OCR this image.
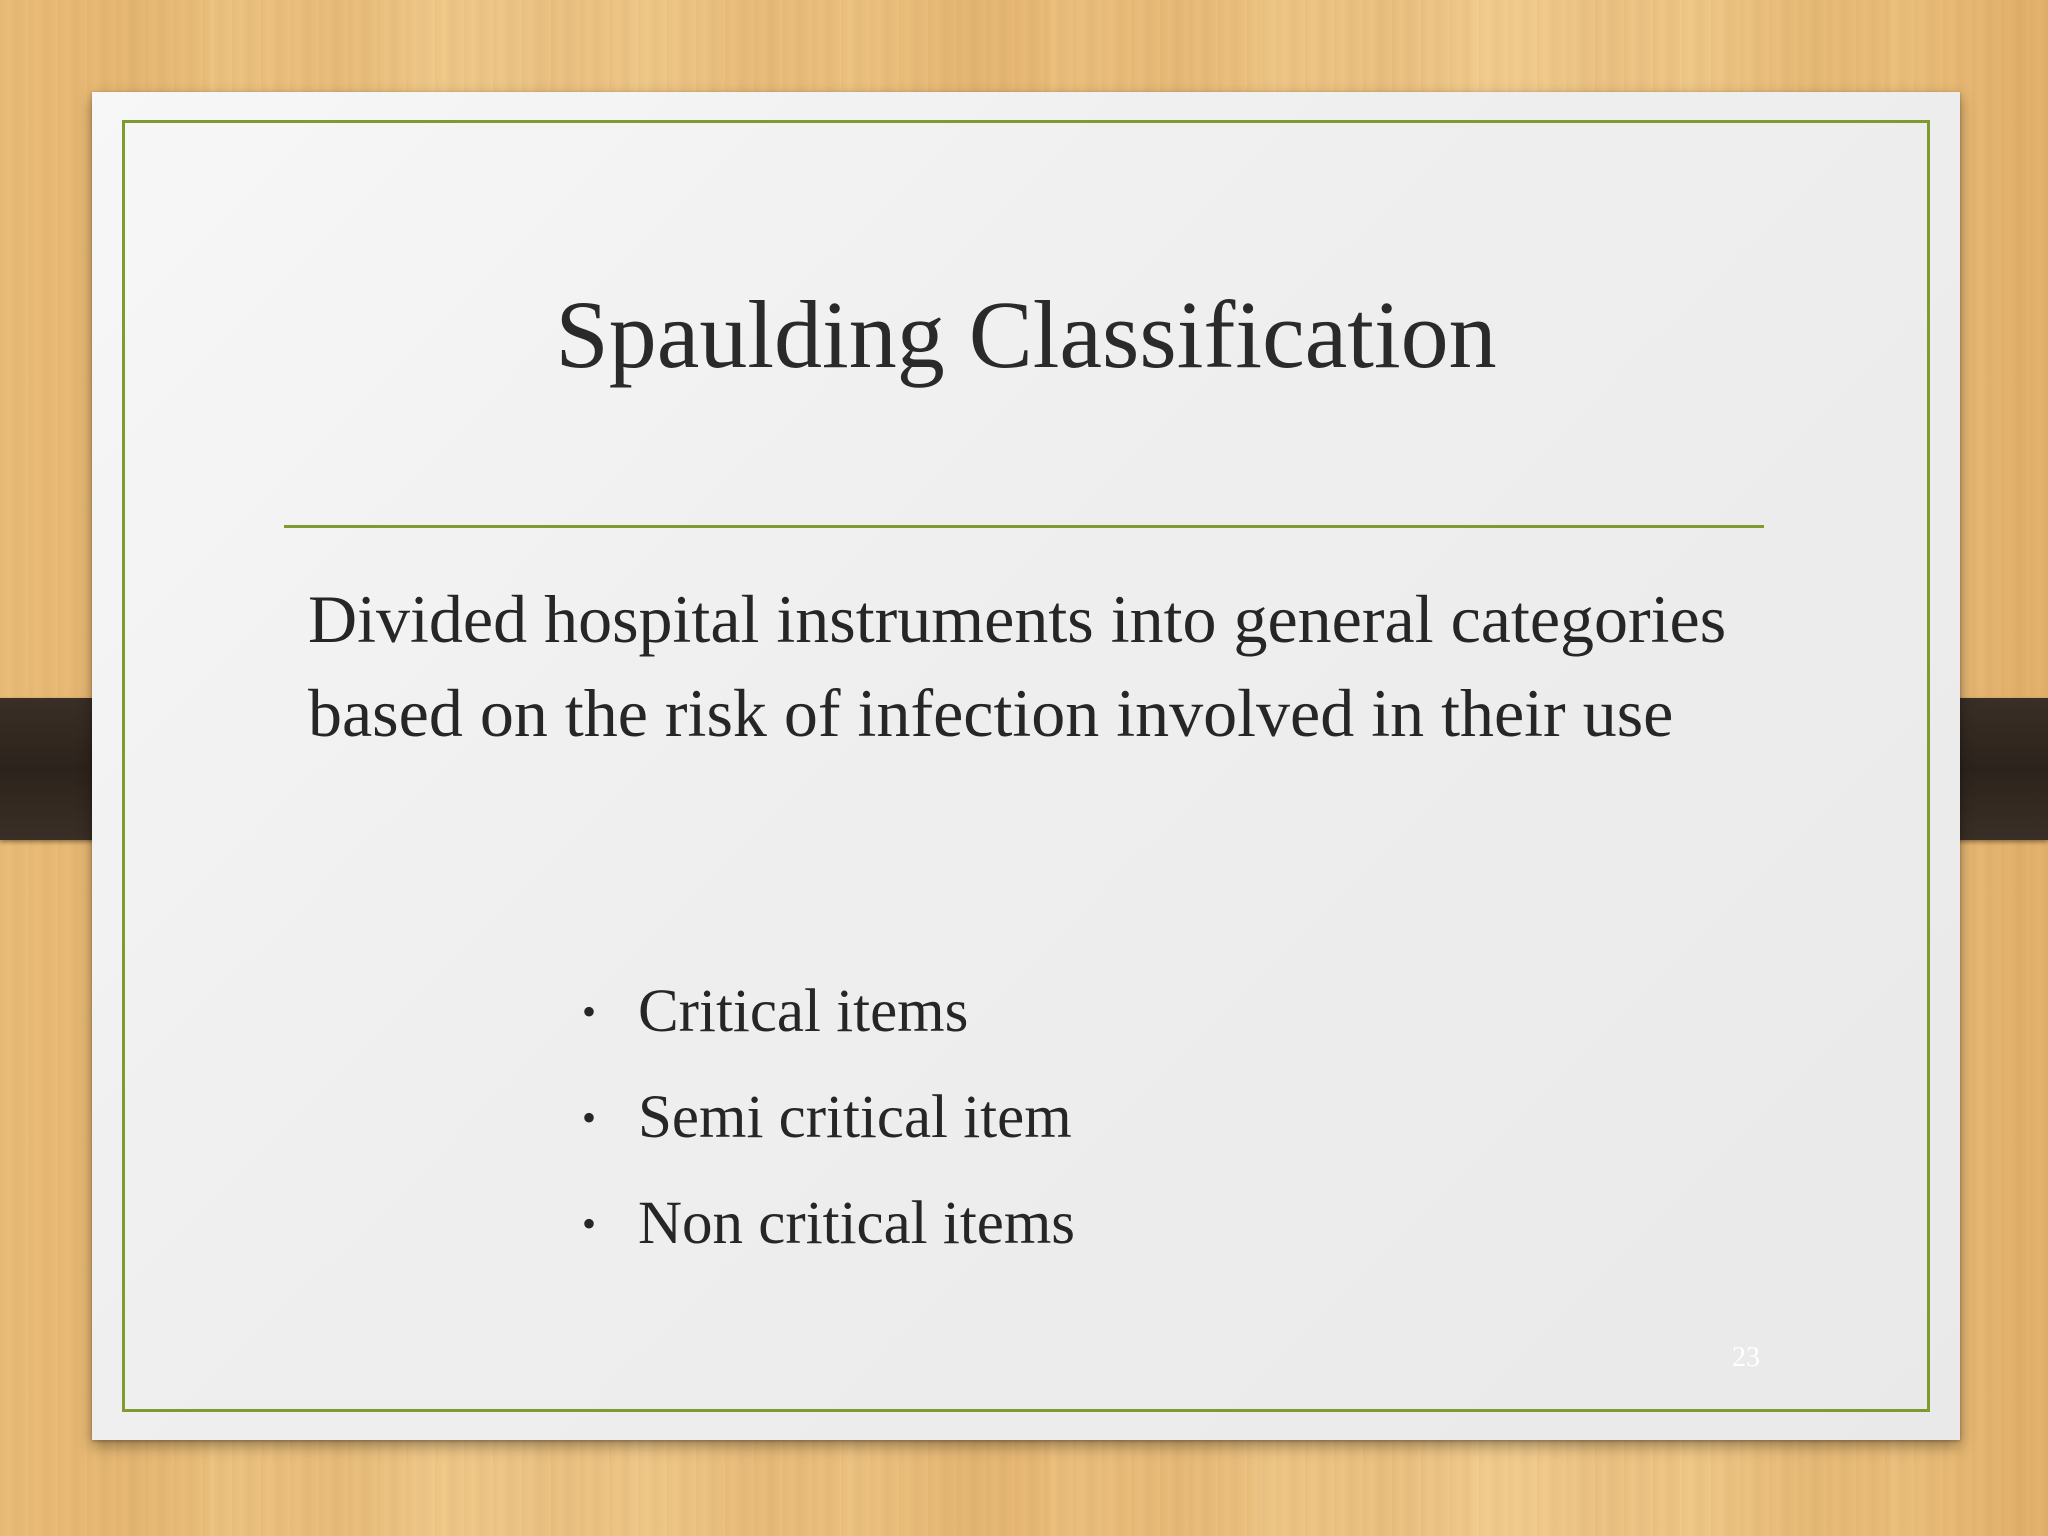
Spaulding Classification
Divided hospital instruments into general categories based on the risk of infection involved in their use
• Critical items
• Semi critical item
• Non critical items
23
